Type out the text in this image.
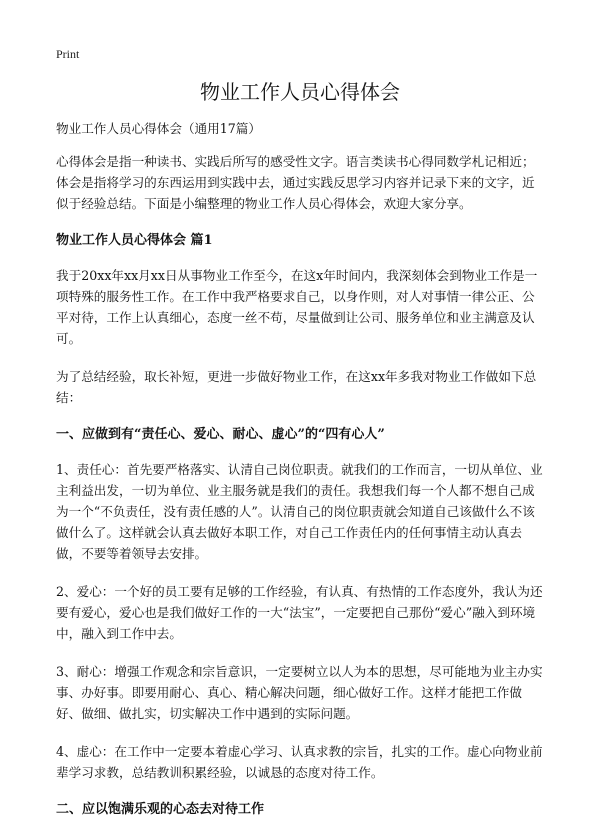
Print
物业工作人员心得体会

物业工作人员心得体会（通用17篇）

心得体会是指一种读书、实践后所写的感受性文字。语言类读书心得同数学札记相近；体会是指将学习的东西运用到实践中去，通过实践反思学习内容并记录下来的文字，近似于经验总结。下面是小编整理的物业工作人员心得体会，欢迎大家分享。

物业工作人员心得体会 篇1

我于20xx年xx月xx日从事物业工作至今，在这x年时间内，我深刻体会到物业工作是一项特殊的服务性工作。在工作中我严格要求自己，以身作则，对人对事情一律公正、公平对待，工作上认真细心，态度一丝不苟，尽量做到让公司、服务单位和业主满意及认可。

为了总结经验，取长补短，更进一步做好物业工作，在这xx年多我对物业工作做如下总结：

一、应做到有“责任心、爱心、耐心、虚心”的“四有心人”

1、责任心：首先要严格落实、认清自己岗位职责。就我们的工作而言，一切从单位、业主利益出发，一切为单位、业主服务就是我们的责任。我想我们每一个人都不想自己成为一个“不负责任，没有责任感的人”。认清自己的岗位职责就会知道自己该做什么不该做什么了。这样就会认真去做好本职工作，对自己工作责任内的任何事情主动认真去做，不要等着领导去安排。

2、爱心：一个好的员工要有足够的工作经验，有认真、有热情的工作态度外，我认为还要有爱心，爱心也是我们做好工作的一大“法宝”，一定要把自己那份“爱心”融入到环境中，融入到工作中去。

3、耐心：增强工作观念和宗旨意识，一定要树立以人为本的思想，尽可能地为业主办实事、办好事。即要用耐心、真心、精心解决问题，细心做好工作。这样才能把工作做好、做细、做扎实，切实解决工作中遇到的实际问题。

4、虚心：在工作中一定要本着虚心学习、认真求教的宗旨，扎实的工作。虚心向物业前辈学习求教，总结教训积累经验，以诚恳的态度对待工作。

二、应以饱满乐观的心态去对待工作
